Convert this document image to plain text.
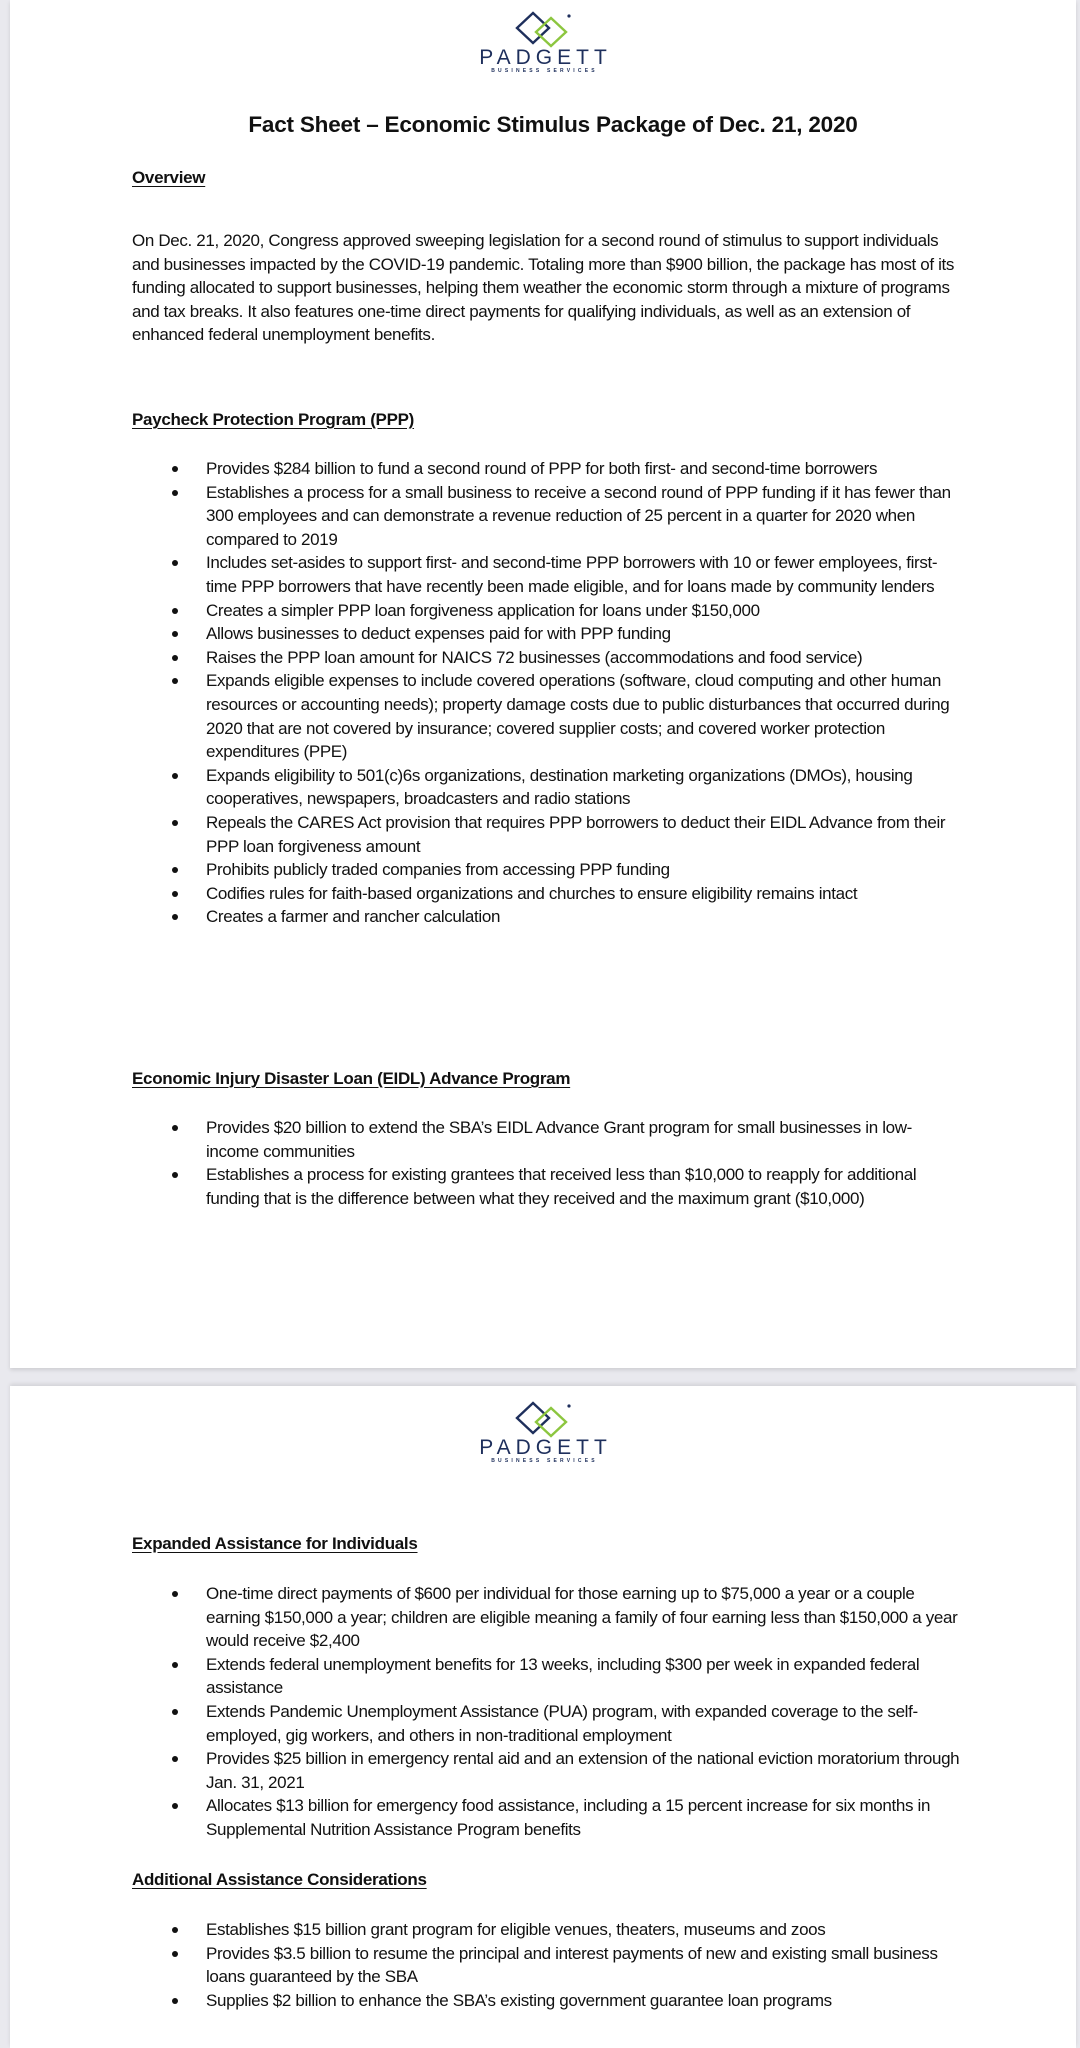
PADGETT
BUSINESS SERVICES
Fact Sheet – Economic Stimulus Package of Dec. 21, 2020
Overview

On Dec. 21, 2020, Congress approved sweeping legislation for a second round of stimulus to support individuals and businesses impacted by the COVID-19 pandemic. Totaling more than $900 billion, the package has most of its funding allocated to support businesses, helping them weather the economic storm through a mixture of programs and tax breaks. It also features one-time direct payments for qualifying individuals, as well as an extension of enhanced federal unemployment benefits.

Paycheck Protection Program (PPP)
Provides $284 billion to fund a second round of PPP for both first- and second-time borrowers
Establishes a process for a small business to receive a second round of PPP funding if it has fewer than 300 employees and can demonstrate a revenue reduction of 25 percent in a quarter for 2020 when compared to 2019
Includes set-asides to support first- and second-time PPP borrowers with 10 or fewer employees, first-time PPP borrowers that have recently been made eligible, and for loans made by community lenders
Creates a simpler PPP loan forgiveness application for loans under $150,000
Allows businesses to deduct expenses paid for with PPP funding
Raises the PPP loan amount for NAICS 72 businesses (accommodations and food service)
Expands eligible expenses to include covered operations (software, cloud computing and other human resources or accounting needs); property damage costs due to public disturbances that occurred during 2020 that are not covered by insurance; covered supplier costs; and covered worker protection expenditures (PPE)
Expands eligibility to 501(c)6s organizations, destination marketing organizations (DMOs), housing cooperatives, newspapers, broadcasters and radio stations
Repeals the CARES Act provision that requires PPP borrowers to deduct their EIDL Advance from their PPP loan forgiveness amount
Prohibits publicly traded companies from accessing PPP funding
Codifies rules for faith-based organizations and churches to ensure eligibility remains intact
Creates a farmer and rancher calculation
Economic Injury Disaster Loan (EIDL) Advance Program
Provides $20 billion to extend the SBA’s EIDL Advance Grant program for small businesses in low-income communities
Establishes a process for existing grantees that received less than $10,000 to reapply for additional funding that is the difference between what they received and the maximum grant ($10,000)
PADGETT
BUSINESS SERVICES
Expanded Assistance for Individuals
One-time direct payments of $600 per individual for those earning up to $75,000 a year or a couple earning $150,000 a year; children are eligible meaning a family of four earning less than $150,000 a year would receive $2,400
Extends federal unemployment benefits for 13 weeks, including $300 per week in expanded federal assistance
Extends Pandemic Unemployment Assistance (PUA) program, with expanded coverage to the self-employed, gig workers, and others in non-traditional employment
Provides $25 billion in emergency rental aid and an extension of the national eviction moratorium through Jan. 31, 2021
Allocates $13 billion for emergency food assistance, including a 15 percent increase for six months in Supplemental Nutrition Assistance Program benefits
Additional Assistance Considerations
Establishes $15 billion grant program for eligible venues, theaters, museums and zoos
Provides $3.5 billion to resume the principal and interest payments of new and existing small business loans guaranteed by the SBA
Supplies $2 billion to enhance the SBA’s existing government guarantee loan programs
